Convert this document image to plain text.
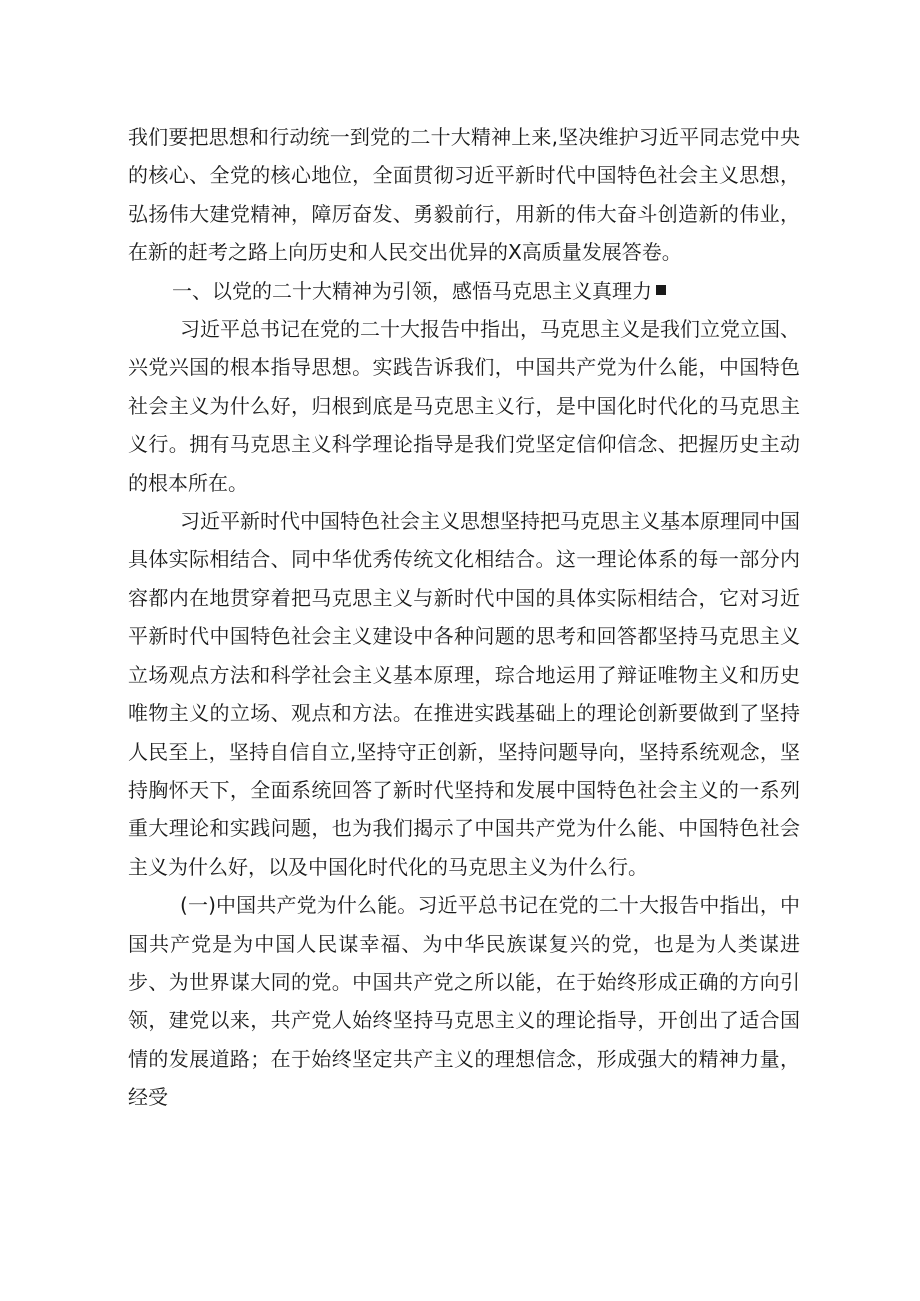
我们要把思想和行动统一到党的二十大精神上来,坚决维护习近平同志党中央的核心、全党的核心地位，全面贯彻习近平新时代中国特色社会主义思想，弘扬伟大建党精神，障厉奋发、勇毅前行，用新的伟大奋斗创造新的伟业，在新的赶考之路上向历史和人民交出优异的X高质量发展答卷。

一、以党的二十大精神为引领，感悟马克思主义真理力

习近平总书记在党的二十大报告中指出，马克思主义是我们立党立国、兴党兴国的根本指导思想。实践告诉我们，中国共产党为什么能，中国特色社会主义为什么好，归根到底是马克思主义行，是中国化时代化的马克思主义行。拥有马克思主义科学理论指导是我们党坚定信仰信念、把握历史主动的根本所在。

习近平新时代中国特色社会主义思想坚持把马克思主义基本原理同中国具体实际相结合、同中华优秀传统文化相结合。这一理论体系的每一部分内容都内在地贯穿着把马克思主义与新时代中国的具体实际相结合，它对习近平新时代中国特色社会主义建设中各种问题的思考和回答都坚持马克思主义立场观点方法和科学社会主义基本原理，琮合地运用了辩证唯物主义和历史唯物主义的立场、观点和方法。在推进实践基础上的理论创新要做到了坚持人民至上，坚持自信自立,坚持守正创新，坚持问题导向，坚持系统观念，坚持胸怀天下，全面系统回答了新时代坚持和发展中国特色社会主义的一系列重大理论和实践问题，也为我们揭示了中国共产党为什么能、中国特色社会主义为什么好，以及中国化时代化的马克思主义为什么行。

(一)中国共产党为什么能。习近平总书记在党的二十大报告中指出，中国共产党是为中国人民谋幸福、为中华民族谋复兴的党，也是为人类谋进步、为世界谋大同的党。中国共产党之所以能，在于始终形成正确的方向引领，建党以来，共产党人始终坚持马克思主义的理论指导，开创出了适合国情的发展道路；在于始终坚定共产主义的理想信念，形成强大的精神力量，经受
